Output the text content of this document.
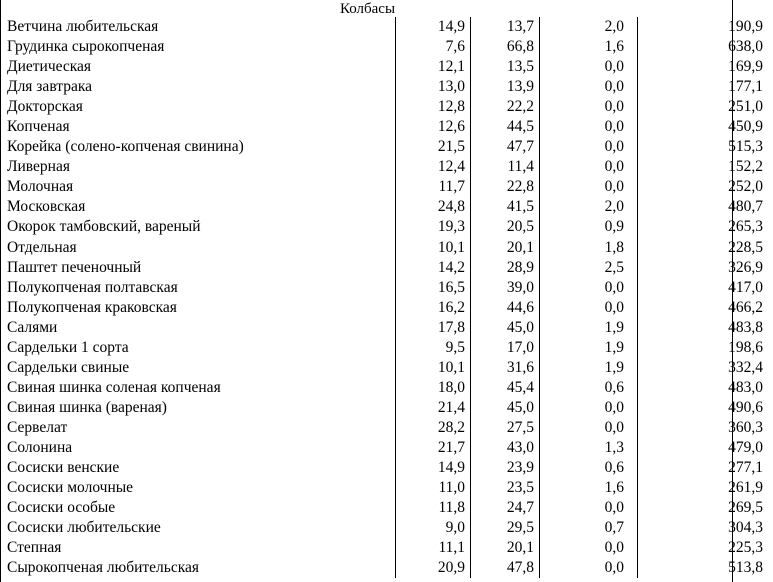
Колбасы
Ветчина любительская	14,9	13,7	2,0	190,9
Грудинка сырокопченая	7,6	66,8	1,6	638,0
Диетическая	12,1	13,5	0,0	169,9
Для завтрака	13,0	13,9	0,0	177,1
Докторская	12,8	22,2	0,0	251,0
Копченая	12,6	44,5	0,0	450,9
Корейка (солено-копченая свинина)	21,5	47,7	0,0	515,3
Ливерная	12,4	11,4	0,0	152,2
Молочная	11,7	22,8	0,0	252,0
Московская	24,8	41,5	2,0	480,7
Окорок тамбовский, вареный	19,3	20,5	0,9	265,3
Отдельная	10,1	20,1	1,8	228,5
Паштет печеночный	14,2	28,9	2,5	326,9
Полукопченая полтавская	16,5	39,0	0,0	417,0
Полукопченая краковская	16,2	44,6	0,0	466,2
Салями	17,8	45,0	1,9	483,8
Сардельки 1 сорта	9,5	17,0	1,9	198,6
Сардельки свиные	10,1	31,6	1,9	332,4
Свиная шинка соленая копченая	18,0	45,4	0,6	483,0
Свиная шинка (вареная)	21,4	45,0	0,0	490,6
Сервелат	28,2	27,5	0,0	360,3
Солонина	21,7	43,0	1,3	479,0
Сосиски венские	14,9	23,9	0,6	277,1
Сосиски молочные	11,0	23,5	1,6	261,9
Сосиски особые	11,8	24,7	0,0	269,5
Сосиски любительские	9,0	29,5	0,7	304,3
Степная	11,1	20,1	0,0	225,3
Сырокопченая любительская	20,9	47,8	0,0	513,8
